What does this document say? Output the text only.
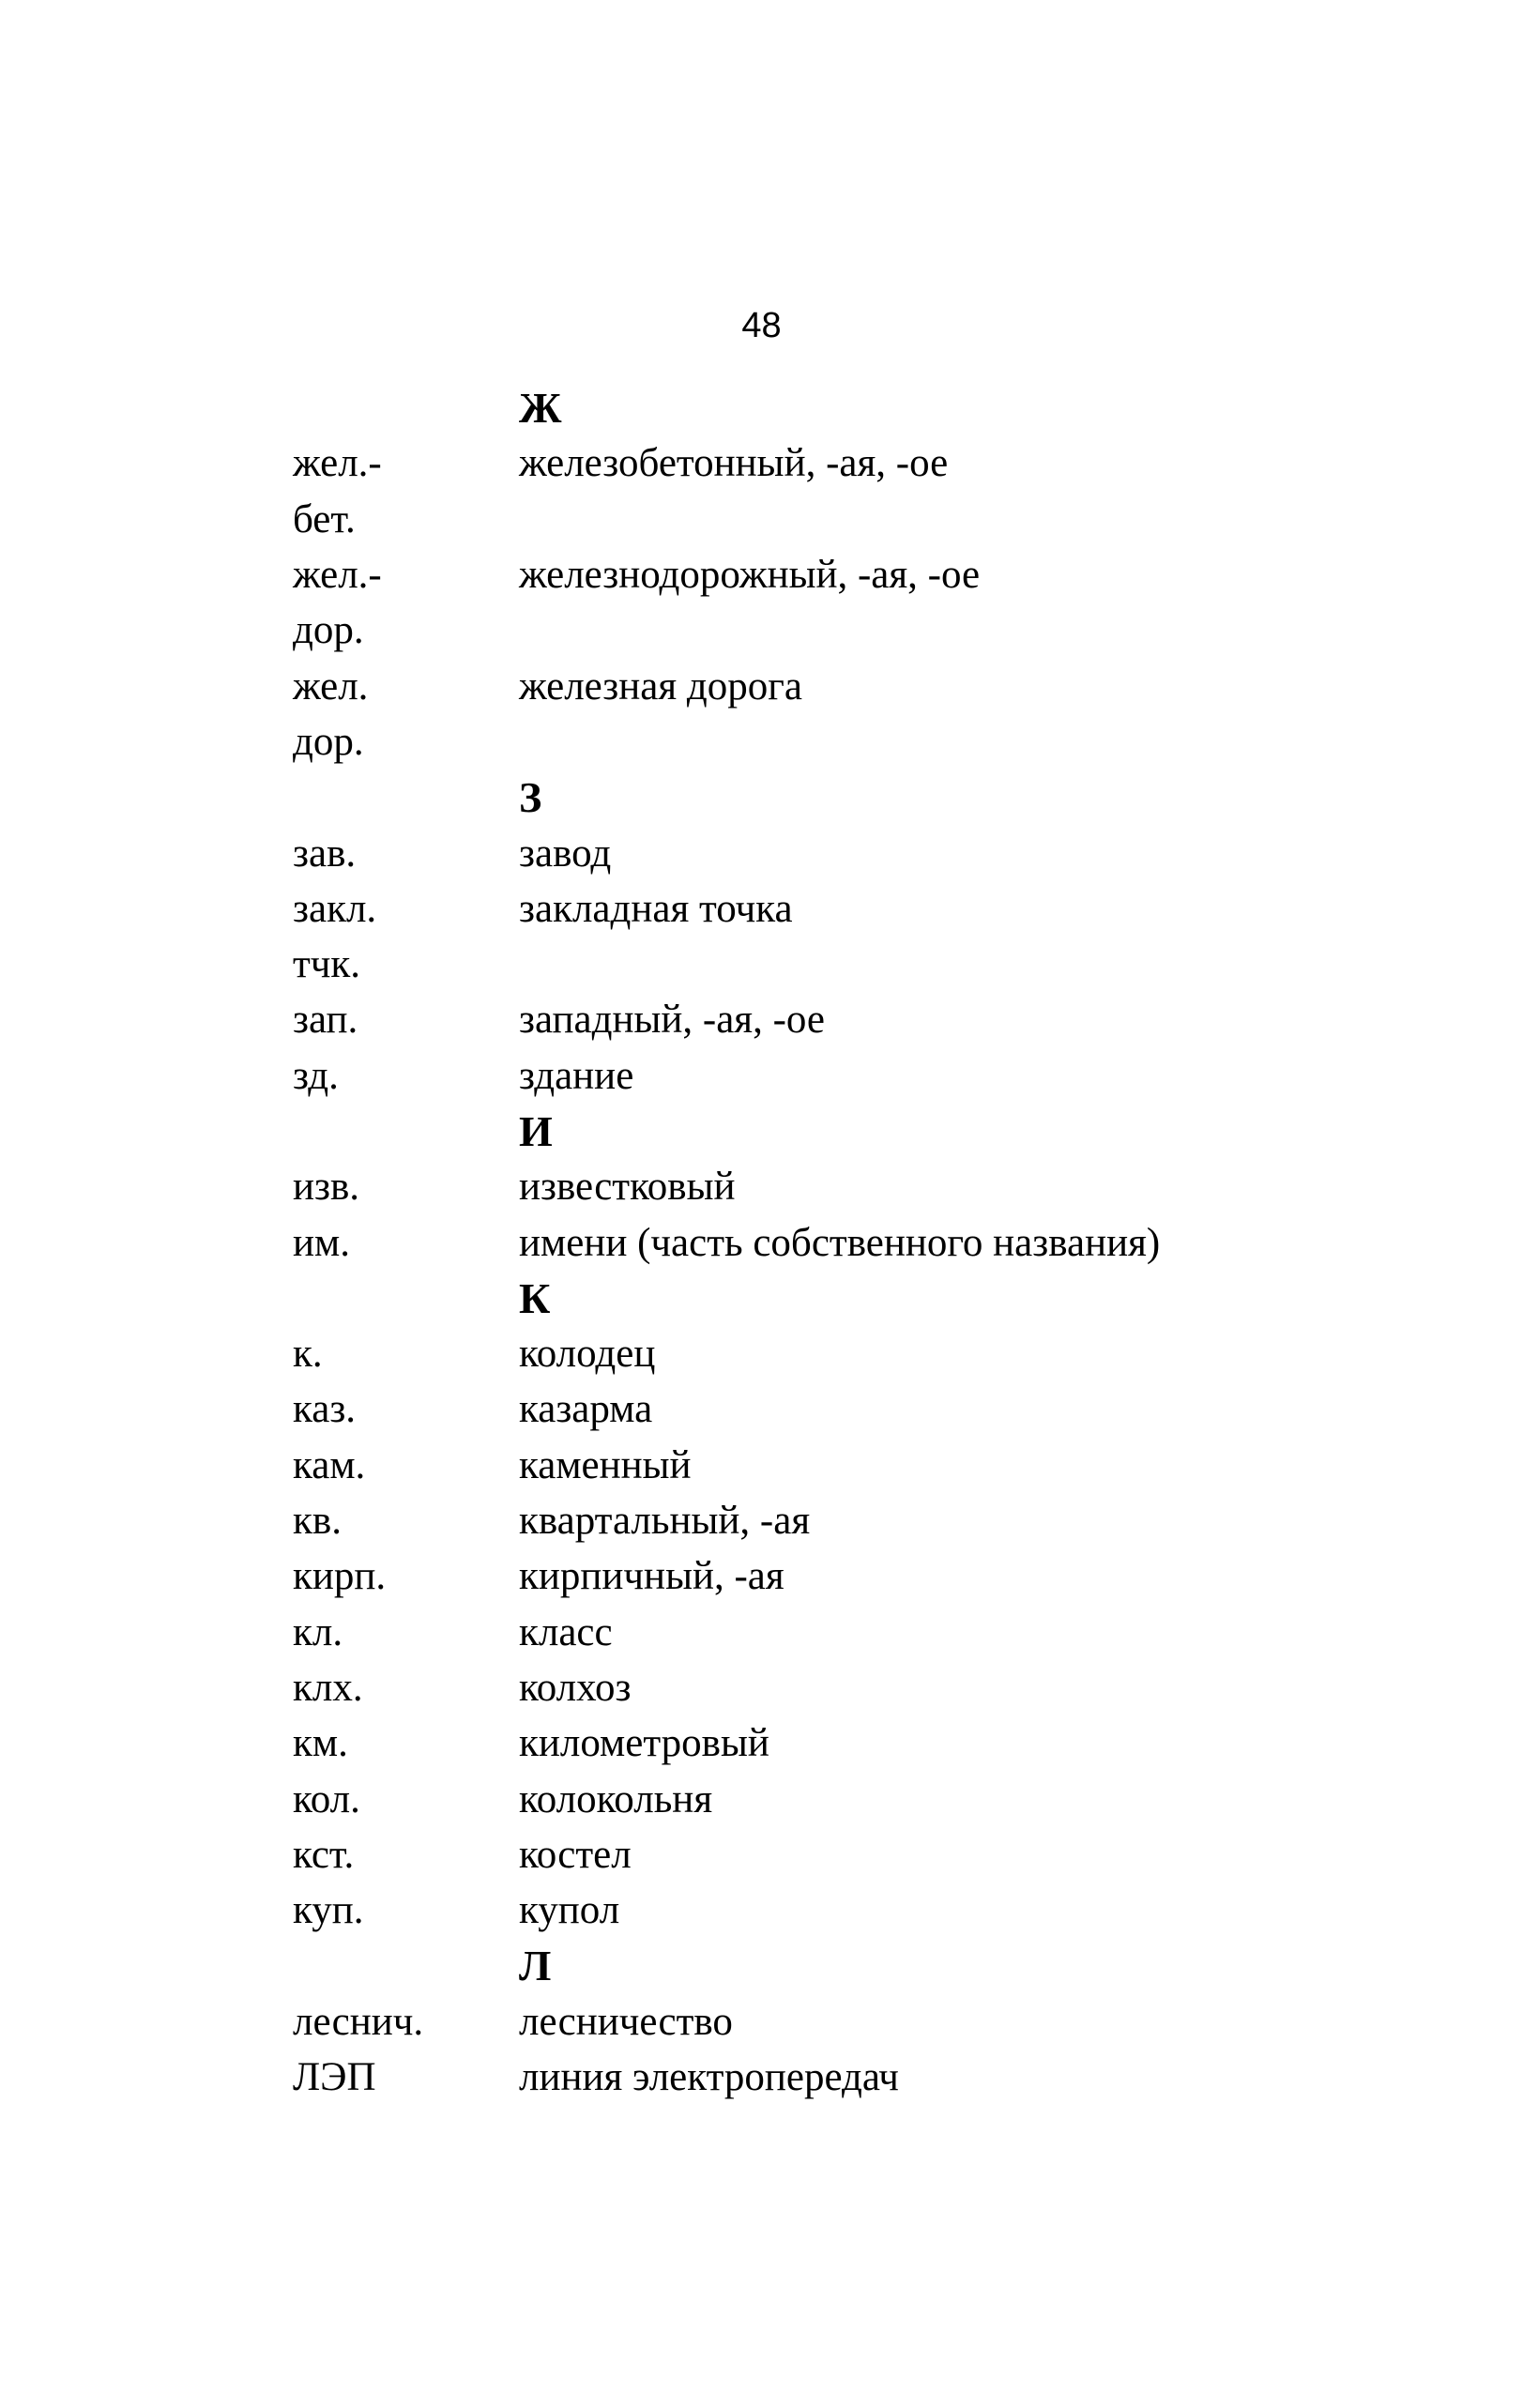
48
Ж
жел.-	железобетонный, -ая, -ое
бет.
жел.-	железнодорожный, -ая, -ое
дор.
жел.	железная дорога
дор.
З
зав.	завод
закл.	закладная точка
тчк.
зап.	западный, -ая, -ое
зд.	здание
И
изв.	известковый
им.	имени (часть собственного названия)
К
к.	колодец
каз.	казарма
кам.	каменный
кв.	квартальный, -ая
кирп.	кирпичный, -ая
кл.	класс
клх.	колхоз
км.	километровый
кол.	колокольня
кст.	костел
куп.	купол
Л
леснич.	лесничество
ЛЭП	линия электропередач
